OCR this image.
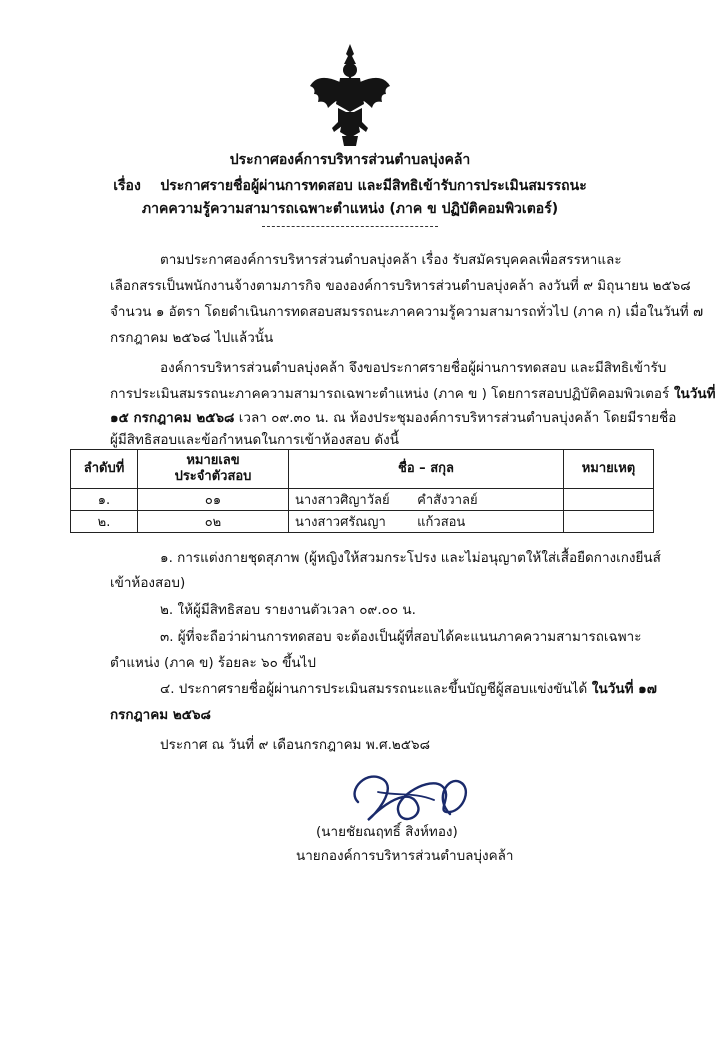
ประกาศองค์การบริหารส่วนตำบลบุ่งคล้า
เรื่อง ประกาศรายชื่อผู้ผ่านการทดสอบ และมีสิทธิเข้ารับการประเมินสมรรถนะ
ภาคความรู้ความสามารถเฉพาะตำแหน่ง (ภาค ข ปฏิบัติคอมพิวเตอร์)
ตามประกาศองค์การบริหารส่วนตำบลบุ่งคล้า เรื่อง รับสมัครบุคคลเพื่อสรรหาและ
เลือกสรรเป็นพนักงานจ้างตามภารกิจ ขององค์การบริหารส่วนตำบลบุ่งคล้า ลงวันที่ ๙ มิถุนายน ๒๕๖๘
จำนวน ๑ อัตรา โดยดำเนินการทดสอบสมรรถนะภาคความรู้ความสามารถทั่วไป (ภาค ก) เมื่อในวันที่ ๗
กรกฎาคม ๒๕๖๘ ไปแล้วนั้น
องค์การบริหารส่วนตำบลบุ่งคล้า จึงขอประกาศรายชื่อผู้ผ่านการทดสอบ และมีสิทธิเข้ารับ
การประเมินสมรรถนะภาคความสามารถเฉพาะตำแหน่ง (ภาค ข ) โดยการสอบปฏิบัติคอมพิวเตอร์ ในวันที่
๑๕ กรกฎาคม ๒๕๖๘ เวลา ๐๙.๓๐ น. ณ ห้องประชุมองค์การบริหารส่วนตำบลบุ่งคล้า โดยมีรายชื่อ
ผู้มีสิทธิสอบและข้อกำหนดในการเข้าห้องสอบ ดังนี้
ลำดับที่	หมายเลข
ประจำตัวสอบ	ชื่อ – สกุล	หมายเหตุ
๑.	๐๑	นางสาวศิญาวัลย์ คำสังวาลย์	
๒.	๐๒	นางสาวศรัณญา แก้วสอน	
๑. การแต่งกายชุดสุภาพ (ผู้หญิงให้สวมกระโปรง และไม่อนุญาตให้ใส่เสื้อยืดกางเกงยีนส์
เข้าห้องสอบ)
๒. ให้ผู้มีสิทธิสอบ รายงานตัวเวลา ๐๙.๐๐ น.
๓. ผู้ที่จะถือว่าผ่านการทดสอบ จะต้องเป็นผู้ที่สอบได้คะแนนภาคความสามารถเฉพาะ
ตำแหน่ง (ภาค ข) ร้อยละ ๖๐ ขึ้นไป
๔. ประกาศรายชื่อผู้ผ่านการประเมินสมรรถนะและขึ้นบัญชีผู้สอบแข่งขันได้ ในวันที่ ๑๗
กรกฎาคม ๒๕๖๘
ประกาศ ณ วันที่ ๙ เดือนกรกฎาคม พ.ศ.๒๕๖๘
(นายชัยณฤทธิ์ สิงห์ทอง)
นายกองค์การบริหารส่วนตำบลบุ่งคล้า
